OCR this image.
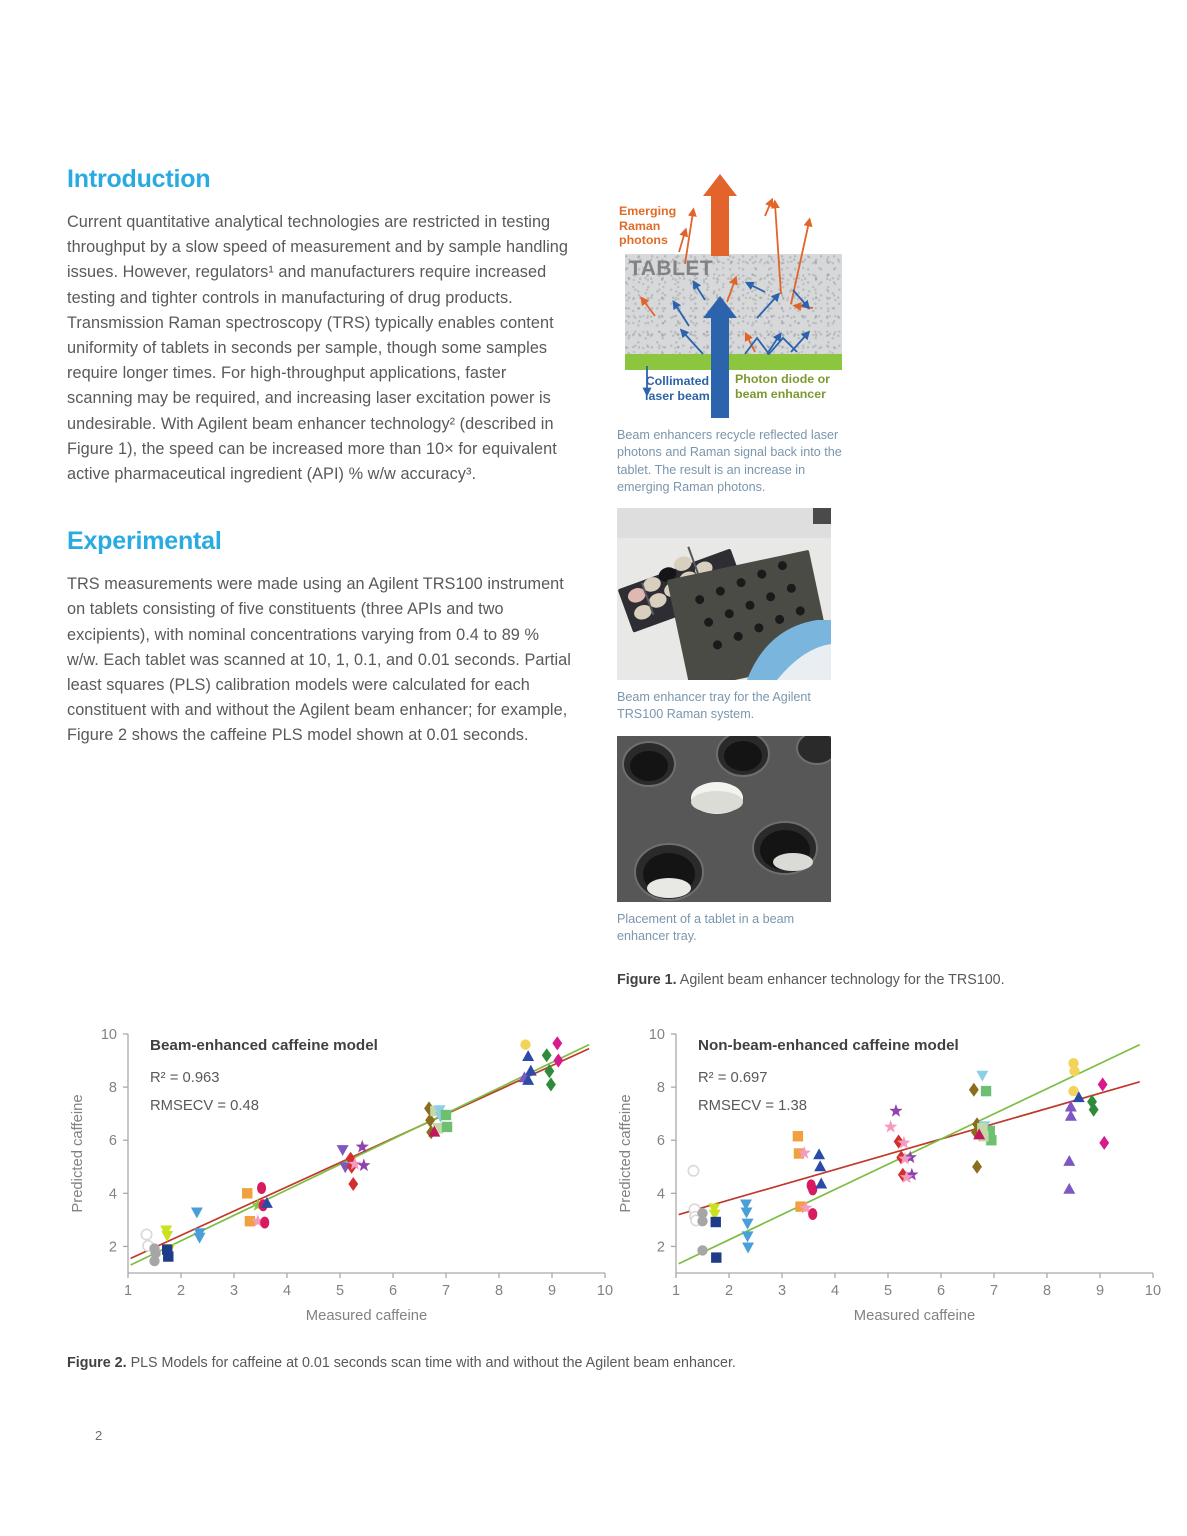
Introduction

Current quantitative analytical technologies are restricted in testing throughput by a slow speed of measurement and by sample handling issues. However, regulators¹ and manufacturers require increased testing and tighter controls in manufacturing of drug products. Transmission Raman spectroscopy (TRS) typically enables content uniformity of tablets in seconds per sample, though some samples require longer times. For high-throughput applications, faster scanning may be required, and increasing laser excitation power is undesirable. With Agilent beam enhancer technology² (described in Figure 1), the speed can be increased more than 10× for equivalent active pharmaceutical ingredient (API) % w/w accuracy³.

Experimental

TRS measurements were made using an Agilent TRS100 instrument on tablets consisting of five constituents (three APIs and two excipients), with nominal concentrations varying from 0.4 to 89 % w/w. Each tablet was scanned at 10, 1, 0.1, and 0.01 seconds. Partial least squares (PLS) calibration models were calculated for each constituent with and without the Agilent beam enhancer; for example, Figure 2 shows the caffeine PLS model shown at 0.01 seconds.

Emerging
Raman
photons
TABLET
Collimated
laser beam
Photon diode or
beam enhancer

Beam enhancers recycle reflected laser photons and Raman signal back into the tablet. The result is an increase in emerging Raman photons.

Beam enhancer tray for the Agilent TRS100 Raman system.

Placement of a tablet in a beam enhancer tray.

Figure 1. Agilent beam enhancer technology for the TRS100.
2
4
6
8
10
1	2	3	4	5	6	7	8	9	10
Beam-enhanced caffeine model
R² = 0.963
RMSECV = 0.48
Measured caffeine
Predicted caffeine
2
4
6
8
10
1	2	3	4	5	6	7	8	9	10
Non-beam-enhanced caffeine model
R² = 0.697
RMSECV = 1.38
Measured caffeine
Predicted caffeine
Figure 2. PLS Models for caffeine at 0.01 seconds scan time with and without the Agilent beam enhancer.
2
